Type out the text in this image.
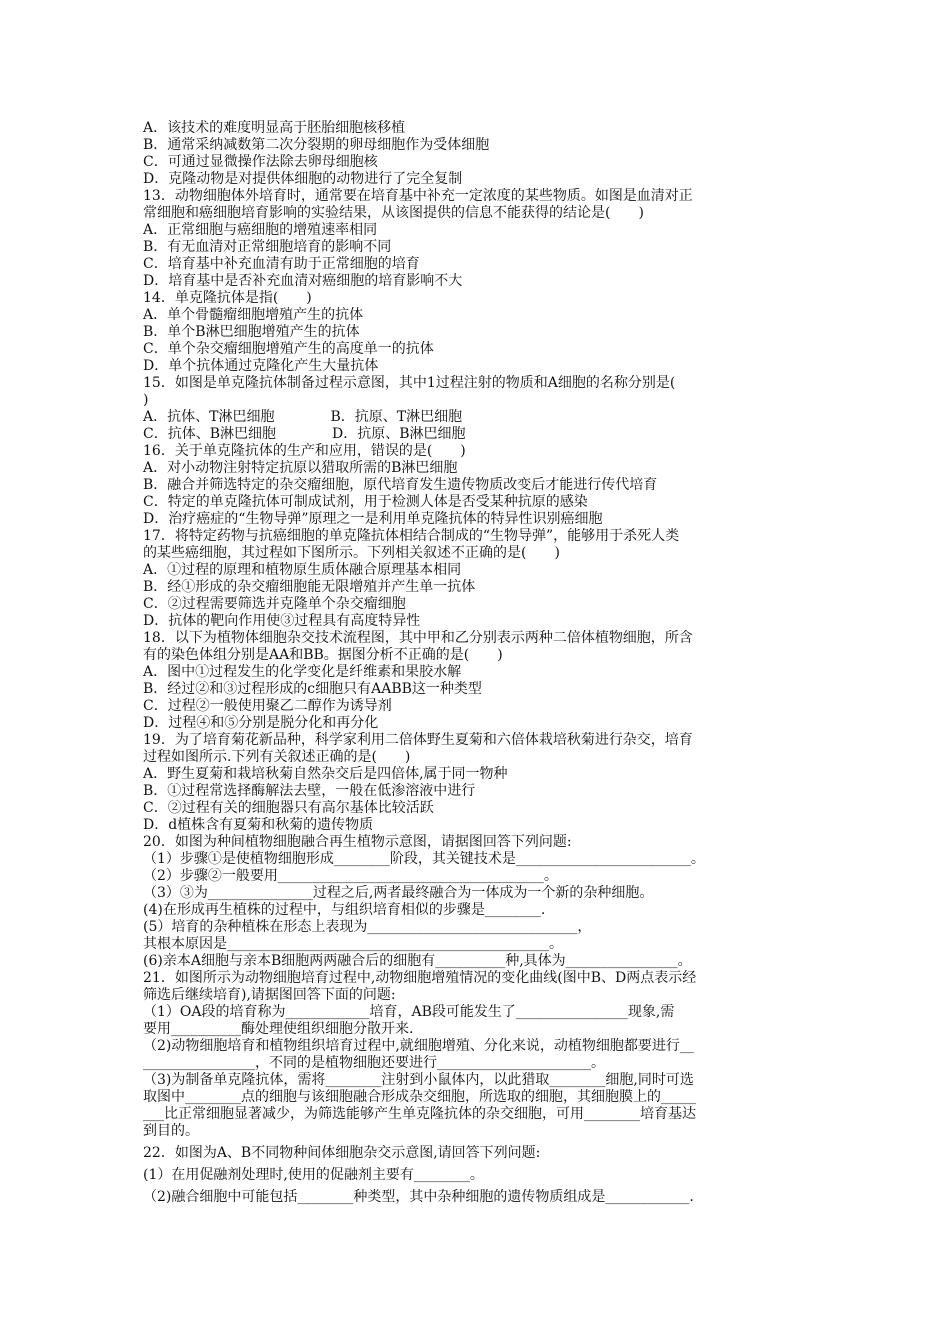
A．该技术的难度明显高于胚胎细胞核移植
B．通常采纳减数第二次分裂期的卵母细胞作为受体细胞
C．可通过显微操作法除去卵母细胞核
D．克隆动物是对提供体细胞的动物进行了完全复制
13．动物细胞体外培育时，通常要在培育基中补充一定浓度的某些物质。如图是血清对正
常细胞和癌细胞培育影响的实验结果，从该图提供的信息不能获得的结论是(　　)
A．正常细胞与癌细胞的增殖速率相同
B．有无血清对正常细胞培育的影响不同
C．培育基中补充血清有助于正常细胞的培育
D．培育基中是否补充血清对癌细胞的培育影响不大
14．单克隆抗体是指(　　)
A．单个骨髓瘤细胞增殖产生的抗体
B．单个B淋巴细胞增殖产生的抗体
C．单个杂交瘤细胞增殖产生的高度单一的抗体
D．单个抗体通过克隆化产生大量抗体
15．如图是单克隆抗体制备过程示意图，其中1过程注射的物质和A细胞的名称分别是(
)
A．抗体、T淋巴细胞　　　　B．抗原、T淋巴细胞
C．抗体、B淋巴细胞　　　　D．抗原、B淋巴细胞
16．关于单克隆抗体的生产和应用，错误的是(　　)
A．对小动物注射特定抗原以猎取所需的B淋巴细胞
B．融合并筛选特定的杂交瘤细胞，原代培育发生遗传物质改变后才能进行传代培育
C．特定的单克隆抗体可制成试剂，用于检测人体是否受某种抗原的感染
D．治疗癌症的“生物导弹”原理之一是利用单克隆抗体的特异性识别癌细胞
17．将特定药物与抗癌细胞的单克隆抗体相结合制成的“生物导弹”，能够用于杀死人类
的某些癌细胞，其过程如下图所示。下列相关叙述不正确的是(　　)
A．①过程的原理和植物原生质体融合原理基本相同
B．经①形成的杂交瘤细胞能无限增殖并产生单一抗体
C．②过程需要筛选并克隆单个杂交瘤细胞
D．抗体的靶向作用使③过程具有高度特异性
18．以下为植物体细胞杂交技术流程图，其中甲和乙分别表示两种二倍体植物细胞，所含
有的染色体组分别是AA和BB。据图分析不正确的是(　　)
A．图中①过程发生的化学变化是纤维素和果胶水解
B．经过②和③过程形成的c细胞只有AABB这一种类型
C．过程②一般使用聚乙二醇作为诱导剂
D．过程④和⑤分别是脱分化和再分化
19．为了培育菊花新品种，科学家利用二倍体野生夏菊和六倍体栽培秋菊进行杂交，培育
过程如图所示.下列有关叙述正确的是(　　)
A．野生夏菊和栽培秋菊自然杂交后是四倍体,属于同一物种
B．①过程常选择酶解法去壁，一般在低渗溶液中进行
C．②过程有关的细胞器只有高尔基体比较活跃
D．d植株含有夏菊和秋菊的遗传物质
20．如图为种间植物细胞融合再生植物示意图，请据图回答下列问题:
（1）步骤①是使植物细胞形成________阶段，其关键技术是_________________________。
（2）步骤②一般要用______________________________________。
（3）③为_______________过程之后,两者最终融合为一体成为一个新的杂种细胞。
(4)在形成再生植株的过程中，与组织培育相似的步骤是________.
(5）培育的杂种植株在形态上表现为______________________________，
其根本原因是______________________________________________。
(6)亲本A细胞与亲本B细胞两两融合后的细胞有__________种,具体为________________。
21．如图所示为动物细胞培育过程中,动物细胞增殖情况的变化曲线(图中B、D两点表示经
筛选后继续培育),请据图回答下面的问题:
（1）OA段的培育称为____________培育，AB段可能发生了________________现象,需
要用__________酶处理使组织细胞分散开来.
（2)动物细胞培育和植物组织培育过程中,就细胞增殖、分化来说，动植物细胞都要进行__
________________，不同的是植物细胞还要进行______________________。
（3)为制备单克隆抗体，需将________注射到小鼠体内，以此猎取________细胞,同时可选
取图中________点的细胞与该细胞融合形成杂交细胞，所选取的细胞，其细胞膜上的_____
___比正常细胞显著减少，为筛选能够产生单克隆抗体的杂交细胞，可用________培育基达
到目的。
22．如图为A、B不同物种间体细胞杂交示意图,请回答下列问题:
(1）在用促融剂处理时,使用的促融剂主要有________。
（2)融合细胞中可能包括________种类型，其中杂种细胞的遗传物质组成是____________.
